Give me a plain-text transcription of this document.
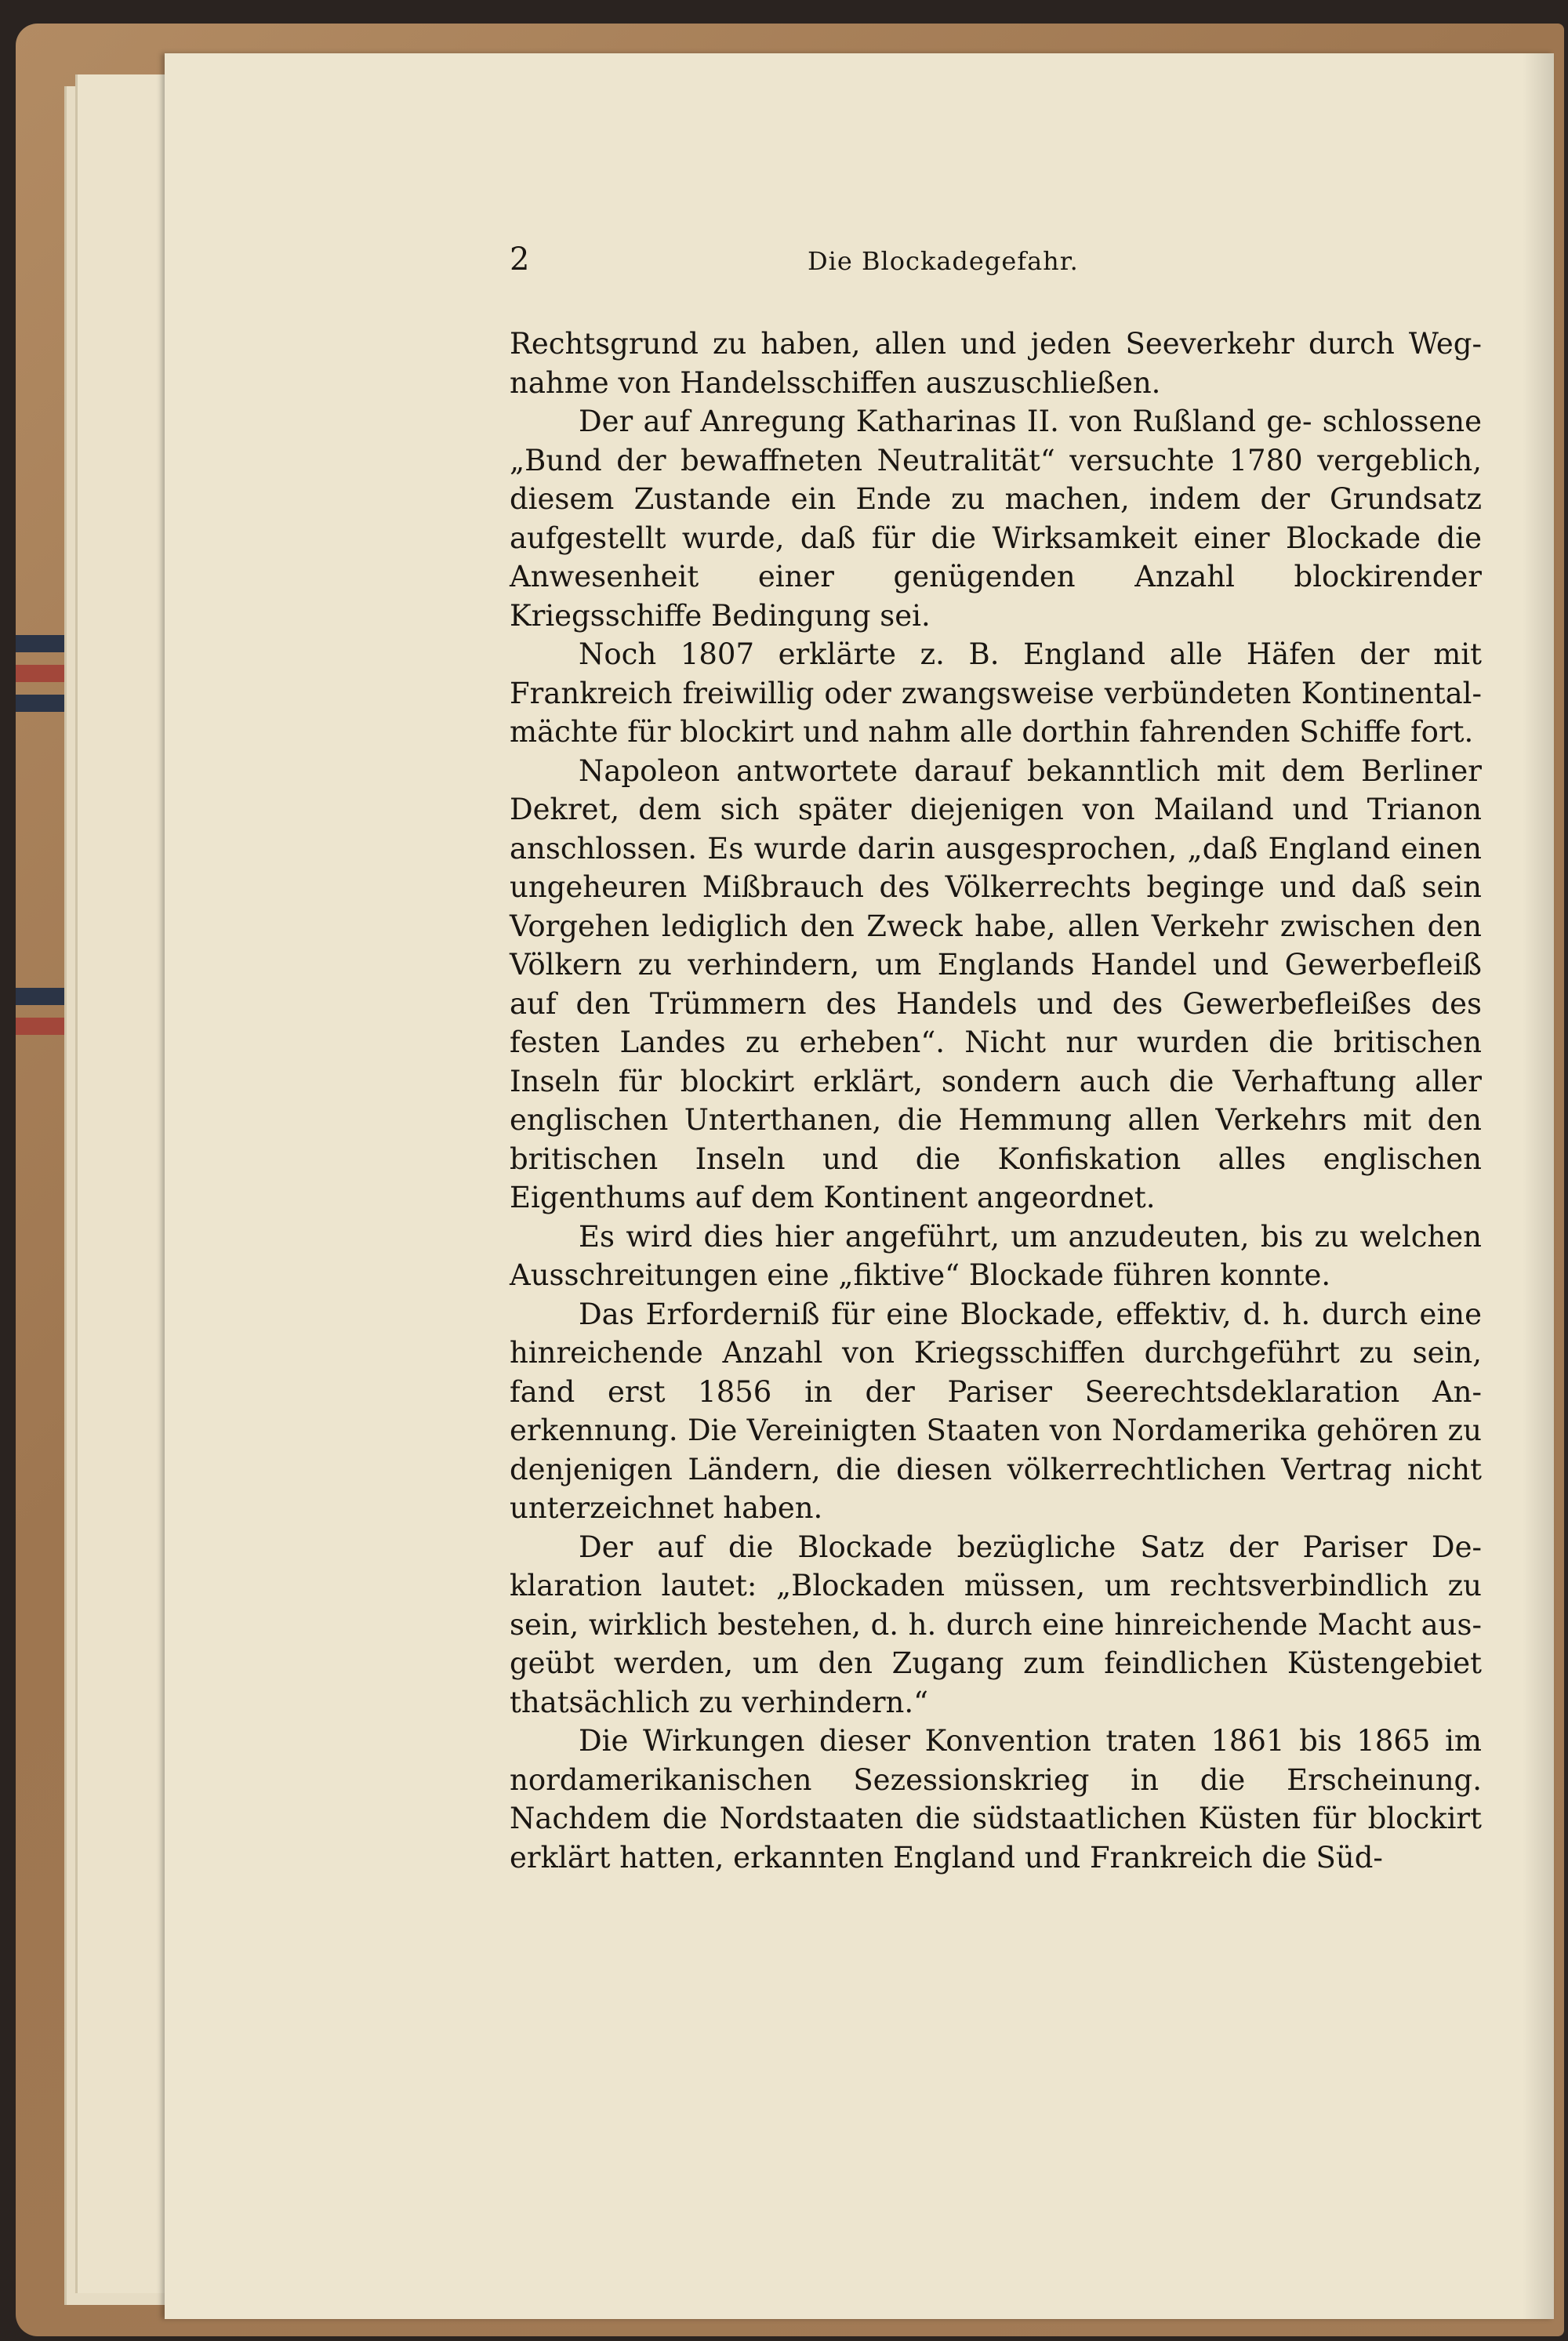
2	Die Blockadegefahr.

Rechtsgrund zu haben, allen und jeden Seeverkehr durch Weg- nahme von Handelsschiffen auszuschließen.

Der auf Anregung Katharinas II. von Rußland ge- schlossene „Bund der bewaffneten Neutralität“ versuchte 1780 vergeblich, diesem Zustande ein Ende zu machen, indem der Grundsatz aufgestellt wurde, daß für die Wirksamkeit einer Blockade die Anwesenheit einer genügenden Anzahl blockirender Kriegsschiffe Bedingung sei.

Noch 1807 erklärte z. B. England alle Häfen der mit Frankreich freiwillig oder zwangsweise verbündeten Kontinental- mächte für blockirt und nahm alle dorthin fahrenden Schiffe fort.

Napoleon antwortete darauf bekanntlich mit dem Berliner Dekret, dem sich später diejenigen von Mailand und Trianon anschlossen. Es wurde darin ausgesprochen, „daß England einen ungeheuren Mißbrauch des Völkerrechts beginge und daß sein Vorgehen lediglich den Zweck habe, allen Verkehr zwischen den Völkern zu verhindern, um Englands Handel und Gewerbefleiß auf den Trümmern des Handels und des Gewerbefleißes des festen Landes zu erheben“. Nicht nur wurden die britischen Inseln für blockirt erklärt, sondern auch die Verhaftung aller englischen Unterthanen, die Hemmung allen Verkehrs mit den britischen Inseln und die Konfiskation alles englischen Eigenthums auf dem Kontinent angeordnet.

Es wird dies hier angeführt, um anzudeuten, bis zu welchen Ausschreitungen eine „fiktive“ Blockade führen konnte.

Das Erforderniß für eine Blockade, effektiv, d. h. durch eine hinreichende Anzahl von Kriegsschiffen durchgeführt zu sein, fand erst 1856 in der Pariser Seerechtsdeklaration An- erkennung. Die Vereinigten Staaten von Nordamerika gehören zu denjenigen Ländern, die diesen völkerrechtlichen Vertrag nicht unterzeichnet haben.

Der auf die Blockade bezügliche Satz der Pariser De- klaration lautet: „Blockaden müssen, um rechtsverbindlich zu sein, wirklich bestehen, d. h. durch eine hinreichende Macht aus- geübt werden, um den Zugang zum feindlichen Küstengebiet thatsächlich zu verhindern.“

Die Wirkungen dieser Konvention traten 1861 bis 1865 im nordamerikanischen Sezessionskrieg in die Erscheinung. Nachdem die Nordstaaten die südstaatlichen Küsten für blockirt erklärt hatten, erkannten England und Frankreich die Süd-
